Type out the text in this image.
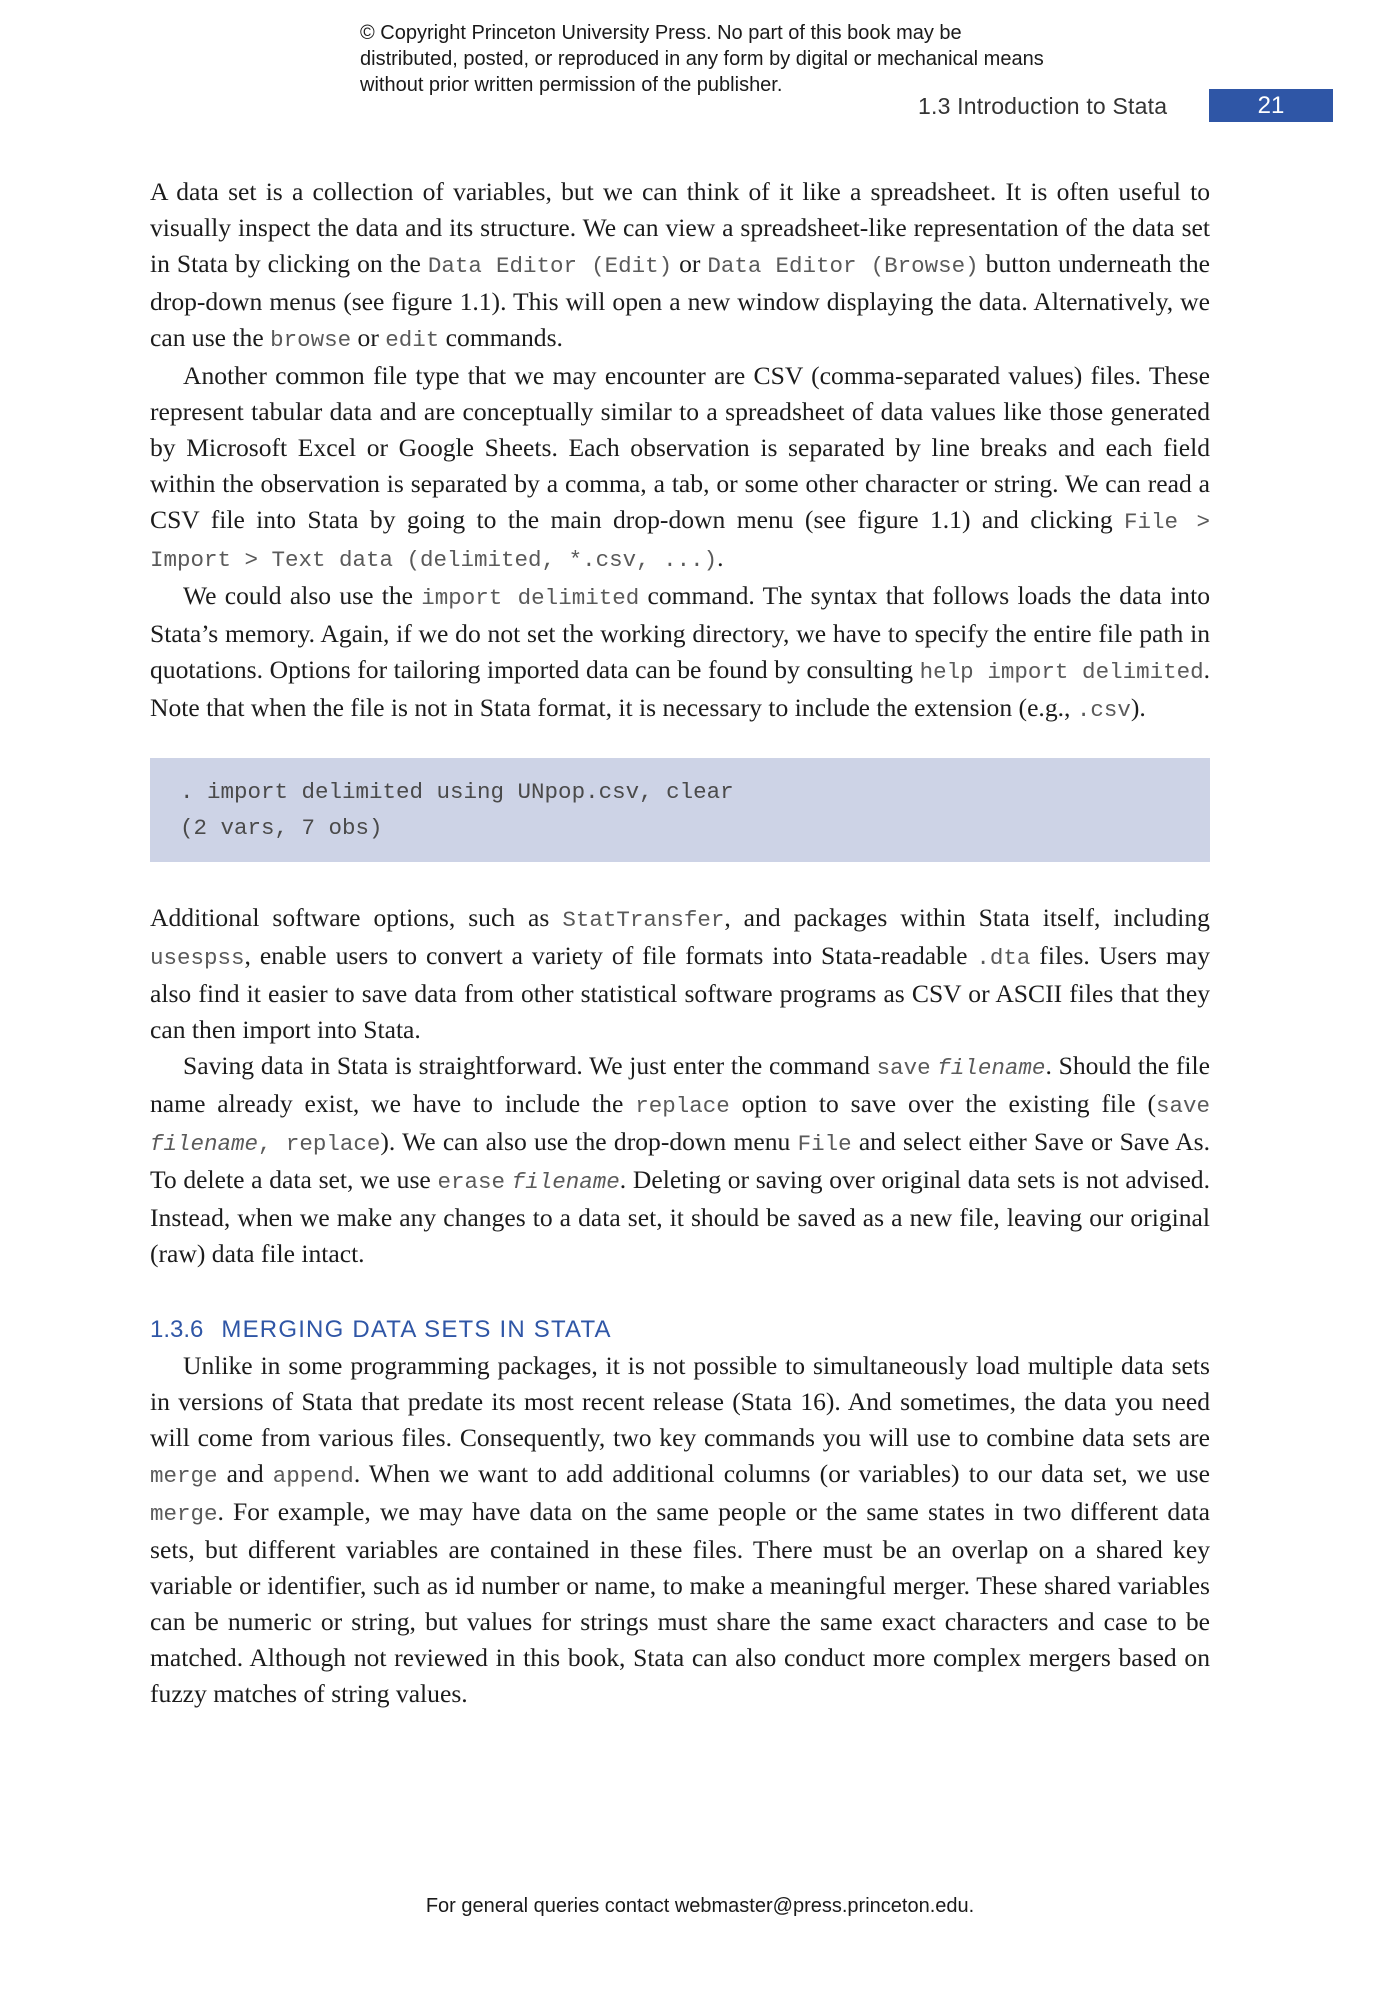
© Copyright Princeton University Press. No part of this book may be distributed, posted, or reproduced in any form by digital or mechanical means without prior written permission of the publisher.
1.3 Introduction to Stata	21

A data set is a collection of variables, but we can think of it like a spreadsheet. It is often useful to visually inspect the data and its structure. We can view a spreadsheet-like representation of the data set in Stata by clicking on the Data Editor (Edit) or Data Editor (Browse) button underneath the drop-down menus (see figure 1.1). This will open a new window displaying the data. Alternatively, we can use the browse or edit commands.

Another common file type that we may encounter are CSV (comma-separated values) files. These represent tabular data and are conceptually similar to a spreadsheet of data values like those generated by Microsoft Excel or Google Sheets. Each observation is separated by line breaks and each field within the observation is separated by a comma, a tab, or some other character or string. We can read a CSV file into Stata by going to the main drop-down menu (see figure 1.1) and clicking File > Import > Text data (delimited, *.csv, ...).

We could also use the import delimited command. The syntax that follows loads the data into Stata’s memory. Again, if we do not set the working directory, we have to specify the entire file path in quotations. Options for tailoring imported data can be found by consulting help import delimited. Note that when the file is not in Stata format, it is necessary to include the extension (e.g., .csv).

. import delimited using UNpop.csv, clear
(2 vars, 7 obs)

Additional software options, such as StatTransfer, and packages within Stata itself, including usespss, enable users to convert a variety of file formats into Stata-readable .dta files. Users may also find it easier to save data from other statistical software programs as CSV or ASCII files that they can then import into Stata.

Saving data in Stata is straightforward. We just enter the command save filename. Should the file name already exist, we have to include the replace option to save over the existing file (save filename, replace). We can also use the drop-down menu File and select either Save or Save As. To delete a data set, we use erase filename. Deleting or saving over original data sets is not advised. Instead, when we make any changes to a data set, it should be saved as a new file, leaving our original (raw) data file intact.

1.3.6 MERGING DATA SETS IN STATA

Unlike in some programming packages, it is not possible to simultaneously load multiple data sets in versions of Stata that predate its most recent release (Stata 16). And sometimes, the data you need will come from various files. Consequently, two key commands you will use to combine data sets are merge and append. When we want to add additional columns (or variables) to our data set, we use merge. For example, we may have data on the same people or the same states in two different data sets, but different variables are contained in these files. There must be an overlap on a shared key variable or identifier, such as id number or name, to make a meaningful merger. These shared variables can be numeric or string, but values for strings must share the same exact characters and case to be matched. Although not reviewed in this book, Stata can also conduct more complex mergers based on fuzzy matches of string values.

For general queries contact webmaster@press.princeton.edu.
